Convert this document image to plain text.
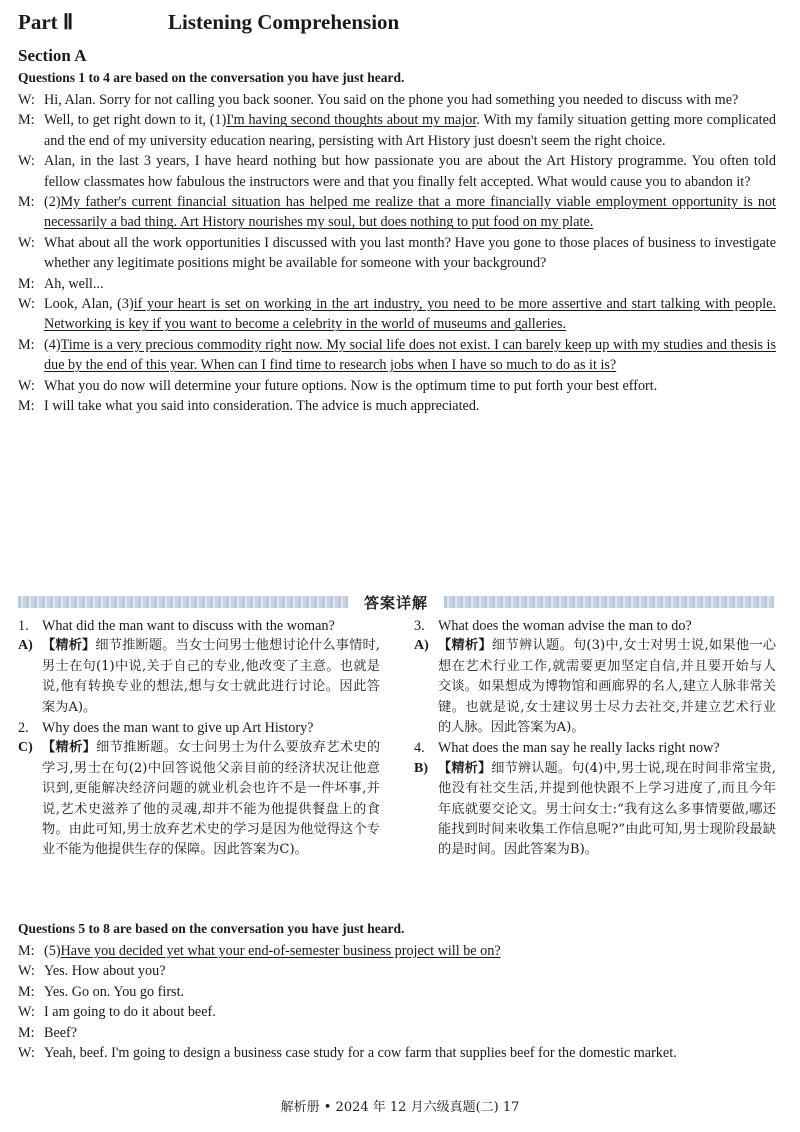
Part Ⅱ	Listening Comprehension
Section A
Questions 1 to 4 are based on the conversation you have just heard.

W: Hi, Alan. Sorry for not calling you back sooner. You said on the phone you had something you needed to discuss with me?

M: Well, to get right down to it, (1)I'm having second thoughts about my major. With my family situation getting more complicated and the end of my university education nearing, persisting with Art History just doesn't seem the right choice.

W: Alan, in the last 3 years, I have heard nothing but how passionate you are about the Art History programme. You often told fellow classmates how fabulous the instructors were and that you finally felt accepted. What would cause you to abandon it?

M: (2)My father's current financial situation has helped me realize that a more financially viable employment opportunity is not necessarily a bad thing. Art History nourishes my soul, but does nothing to put food on my plate.

W: What about all the work opportunities I discussed with you last month? Have you gone to those places of business to investigate whether any legitimate positions might be available for someone with your background?

M: Ah, well...

W: Look, Alan, (3)if your heart is set on working in the art industry, you need to be more assertive and start talking with people. Networking is key if you want to become a celebrity in the world of museums and galleries.

M: (4)Time is a very precious commodity right now. My social life does not exist. I can barely keep up with my studies and thesis is due by the end of this year. When can I find time to research jobs when I have so much to do as it is?

W: What you do now will determine your future options. Now is the optimum time to put forth your best effort.

M: I will take what you said into consideration. The advice is much appreciated.

答案详解

1. What did the man want to discuss with the woman?

A) 【精析】细节推断题。当女士问男士他想讨论什么事情时,男士在句(1)中说,关于自己的专业,他改变了主意。也就是说,他有转换专业的想法,想与女士就此进行讨论。因此答案为A)。

2. Why does the man want to give up Art History?

C) 【精析】细节推断题。女士问男士为什么要放弃艺术史的学习,男士在句(2)中回答说他父亲目前的经济状况让他意识到,更能解决经济问题的就业机会也许不是一件坏事,并说,艺术史滋养了他的灵魂,却并不能为他提供餐盘上的食物。由此可知,男士放弃艺术史的学习是因为他觉得这个专业不能为他提供生存的保障。因此答案为C)。

3. What does the woman advise the man to do?

A) 【精析】细节辨认题。句(3)中,女士对男士说,如果他一心想在艺术行业工作,就需要更加坚定自信,并且要开始与人交谈。如果想成为博物馆和画廊界的名人,建立人脉非常关键。也就是说,女士建议男士尽力去社交,并建立艺术行业的人脉。因此答案为A)。

4. What does the man say he really lacks right now?

B) 【精析】细节辨认题。句(4)中,男士说,现在时间非常宝贵,他没有社交生活,并提到他快跟不上学习进度了,而且今年年底就要交论文。男士问女士:“我有这么多事情要做,哪还能找到时间来收集工作信息呢?”由此可知,男士现阶段最缺的是时间。因此答案为B)。

Questions 5 to 8 are based on the conversation you have just heard.

M: (5)Have you decided yet what your end-of-semester business project will be on?

W: Yes. How about you?

M: Yes. Go on. You go first.

W: I am going to do it about beef.

M: Beef?

W: Yeah, beef. I'm going to design a business case study for a cow farm that supplies beef for the domestic market.

解析册 • 2024 年 12 月六级真题(二) 17
